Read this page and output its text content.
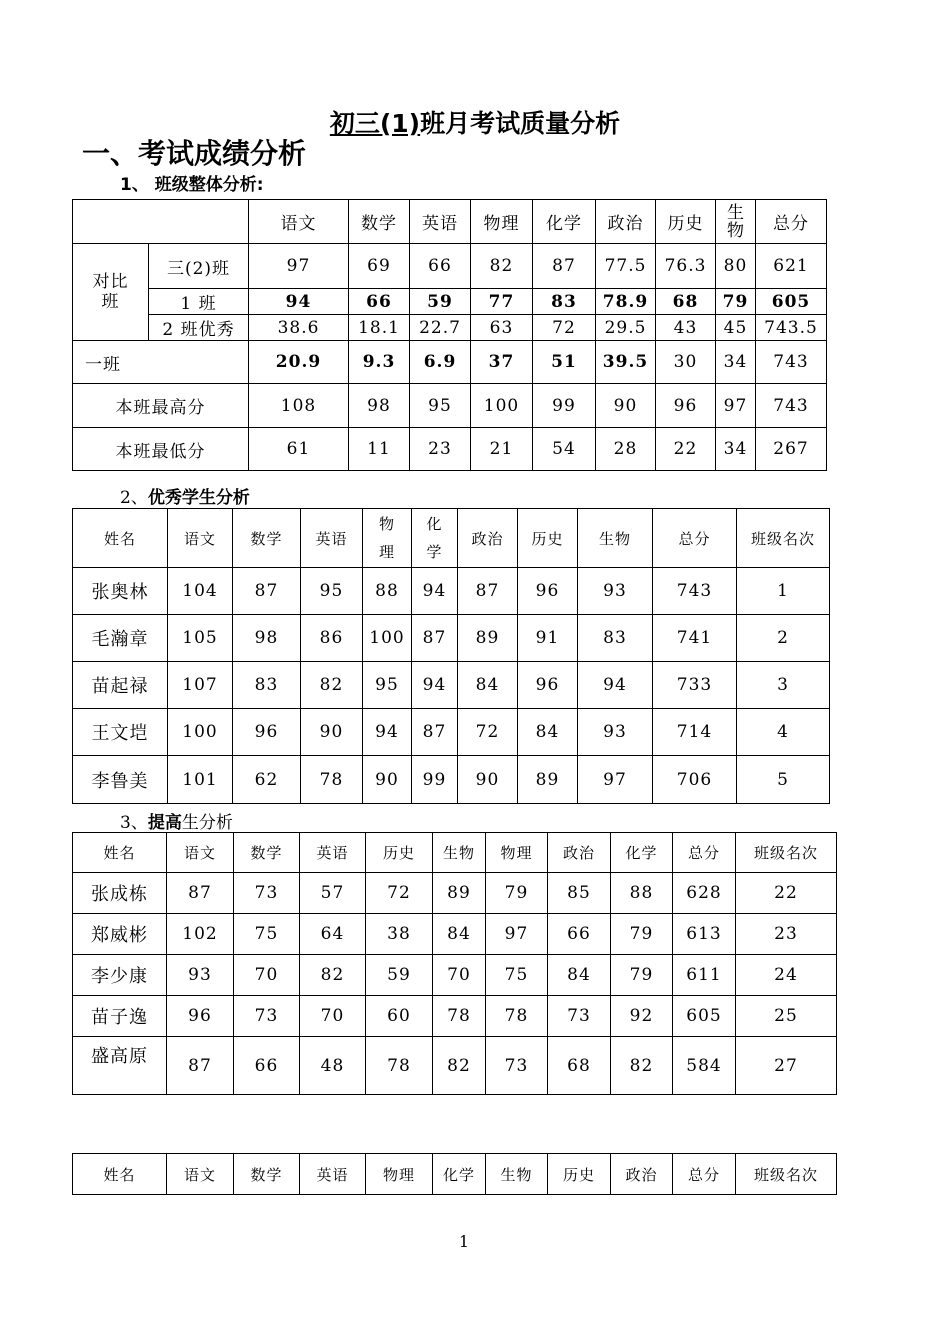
初三(1)班月考试质量分析
一、考试成绩分析
1、 班级整体分析:
		语文	数学	英语	物理	化学	政治	历史	生物	总分
对比班	三(2)班	97	69	66	82	87	77.5	76.3	80	621
	1 班	94	66	59	77	83	78.9	68	79	605
	2 班优秀	38.6	18.1	22.7	63	72	29.5	43	45	743.5
一班		20.9	9.3	6.9	37	51	39.5	30	34	743
本班最高分		108	98	95	100	99	90	96	97	743
本班最低分		61	11	23	21	54	28	22	34	267
2、优秀学生分析
姓名	语文	数学	英语	物理	化学	政治	历史	生物	总分	班级名次
张奥林	104	87	95	88	94	87	96	93	743	1
毛瀚章	105	98	86	100	87	89	91	83	741	2
苗起禄	107	83	82	95	94	84	96	94	733	3
王文垲	100	96	90	94	87	72	84	93	714	4
李鲁美	101	62	78	90	99	90	89	97	706	5
3、提高生分析
姓名	语文	数学	英语	历史	生物	物理	政治	化学	总分	班级名次
张成栋	87	73	57	72	89	79	85	88	628	22
郑威彬	102	75	64	38	84	97	66	79	613	23
李少康	93	70	82	59	70	75	84	79	611	24
苗子逸	96	73	70	60	78	78	73	92	605	25
盛高原	87	66	48	78	82	73	68	82	584	27
姓名	语文	数学	英语	物理	化学	生物	历史	政治	总分	班级名次
1
